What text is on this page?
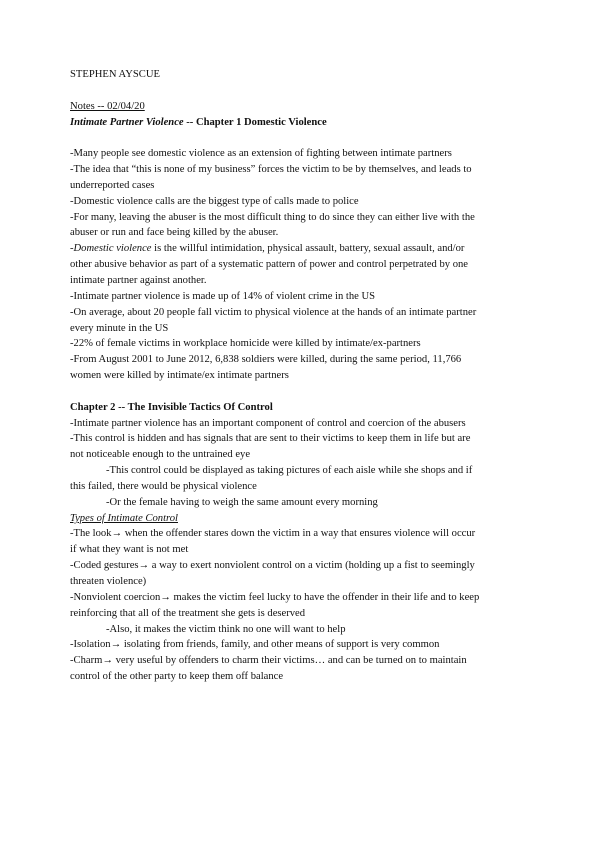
STEPHEN AYSCUE
Notes -- 02/04/20
Intimate Partner Violence -- Chapter 1 Domestic Violence
-Many people see domestic violence as an extension of fighting between intimate partners
-The idea that “this is none of my business” forces the victim to be by themselves, and leads to
underreported cases
-Domestic violence calls are the biggest type of calls made to police
-For many, leaving the abuser is the most difficult thing to do since they can either live with the
abuser or run and face being killed by the abuser.
-Domestic violence is the willful intimidation, physical assault, battery, sexual assault, and/or
other abusive behavior as part of a systematic pattern of power and control perpetrated by one
intimate partner against another.
-Intimate partner violence is made up of 14% of violent crime in the US
-On average, about 20 people fall victim to physical violence at the hands of an intimate partner
every minute in the US
-22% of female victims in workplace homicide were killed by intimate/ex-partners
-From August 2001 to June 2012, 6,838 soldiers were killed, during the same period, 11,766
women were killed by intimate/ex intimate partners
Chapter 2 -- The Invisible Tactics Of Control
-Intimate partner violence has an important component of control and coercion of the abusers
-This control is hidden and has signals that are sent to their victims to keep them in life but are
not noticeable enough to the untrained eye
-This control could be displayed as taking pictures of each aisle while she shops and if
this failed, there would be physical violence
-Or the female having to weigh the same amount every morning
Types of Intimate Control
-The look→ when the offender stares down the victim in a way that ensures violence will occur
if what they want is not met
-Coded gestures→ a way to exert nonviolent control on a victim (holding up a fist to seemingly
threaten violence)
-Nonviolent coercion→ makes the victim feel lucky to have the offender in their life and to keep
reinforcing that all of the treatment she gets is deserved
-Also, it makes the victim think no one will want to help
-Isolation→ isolating from friends, family, and other means of support is very common
-Charm→ very useful by offenders to charm their victims… and can be turned on to maintain
control of the other party to keep them off balance
